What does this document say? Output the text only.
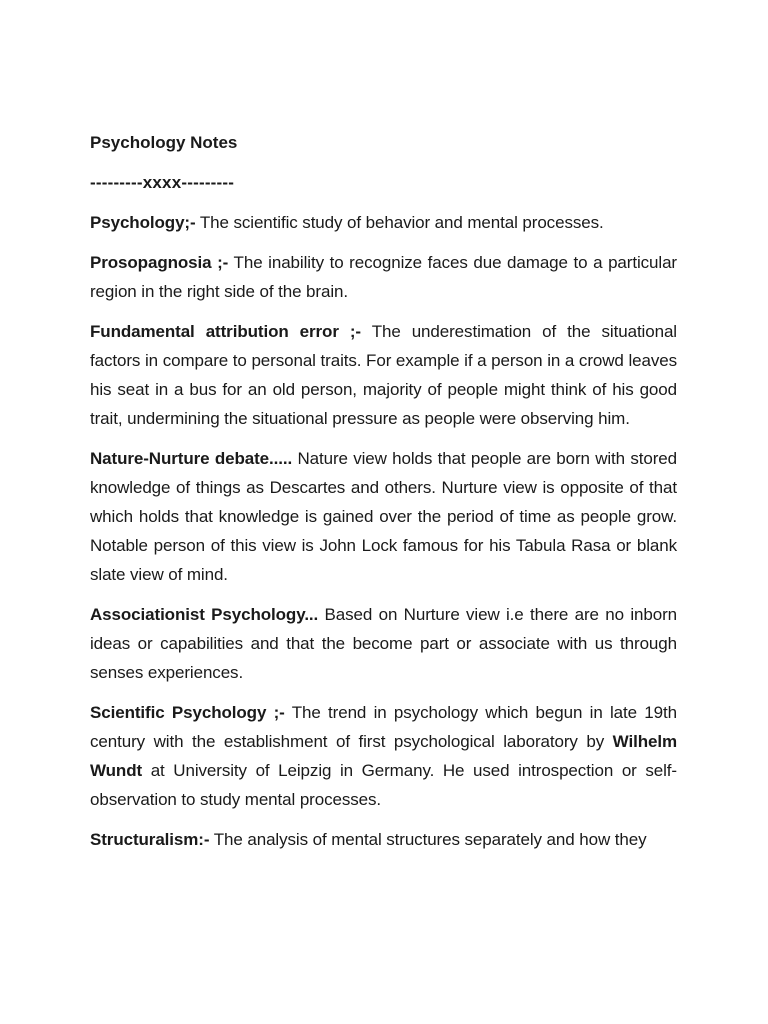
Psychology Notes
---------xxxx---------

Psychology;- The scientific study of behavior and mental processes.

Prosopagnosia ;- The inability to recognize faces due damage to a particular region in the right side of the brain.

Fundamental attribution error ;- The underestimation of the situational factors in compare to personal traits. For example if a person in a crowd leaves his seat in a bus for an old person, majority of people might think of his good trait, undermining the situational pressure as people were observing him.

Nature-Nurture debate..... Nature view holds that people are born with stored knowledge of things as Descartes and others. Nurture view is opposite of that which holds that knowledge is gained over the period of time as people grow. Notable person of this view is John Lock famous for his Tabula Rasa or blank slate view of mind.

Associationist Psychology... Based on Nurture view i.e there are no inborn ideas or capabilities and that the become part or associate with us through senses experiences.

Scientific Psychology ;- The trend in psychology which begun in late 19th century with the establishment of first psychological laboratory by Wilhelm Wundt at University of Leipzig in Germany. He used introspection or self-observation to study mental processes.

Structuralism:- The analysis of mental structures separately and how they
